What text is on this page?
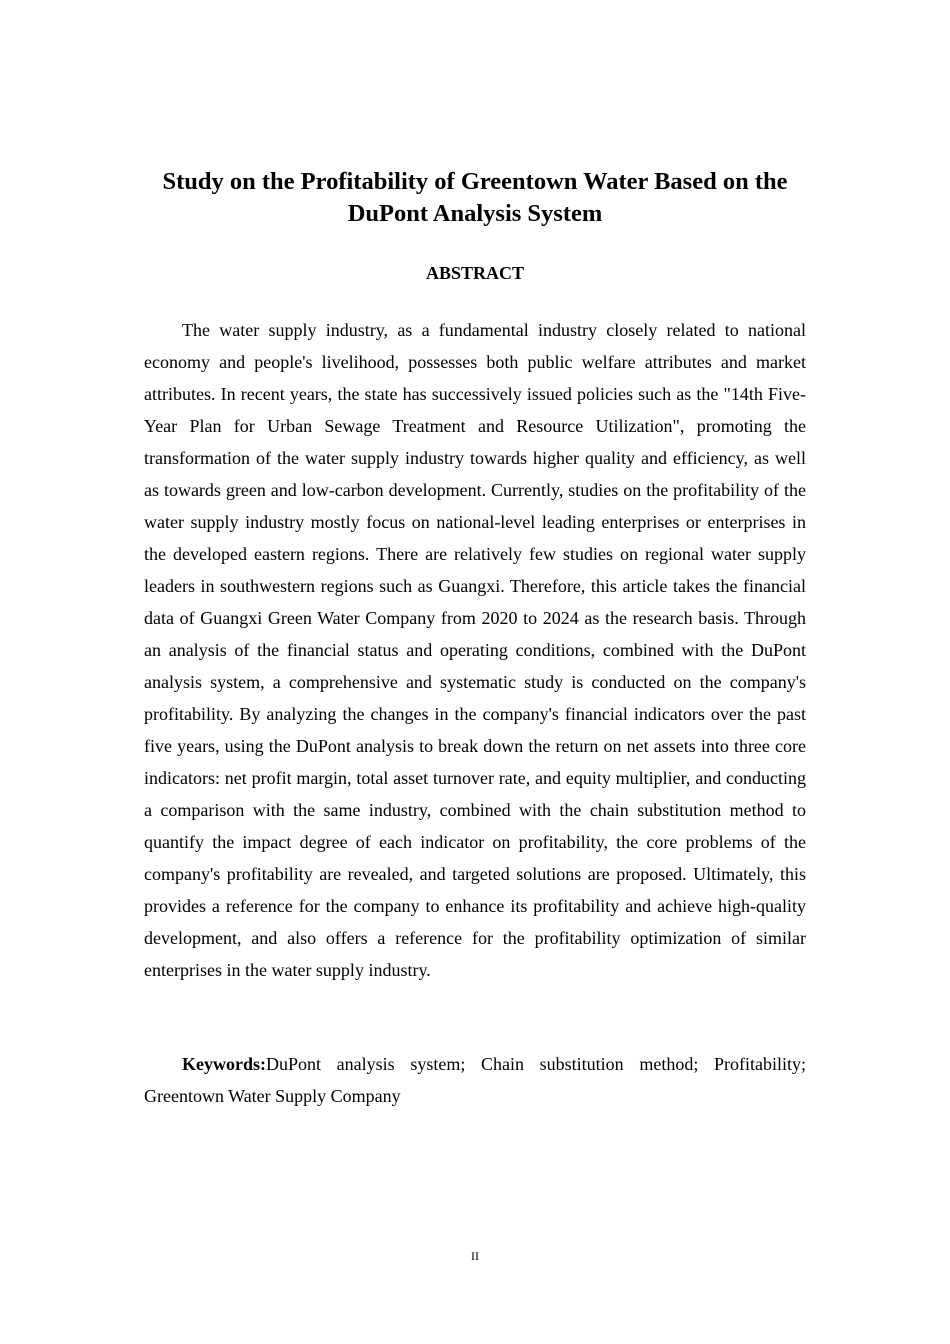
Study on the Profitability of Greentown Water Based on the DuPont Analysis System
ABSTRACT

The water supply industry, as a fundamental industry closely related to national economy and people's livelihood, possesses both public welfare attributes and market attributes. In recent years, the state has successively issued policies such as the "14th Five-Year Plan for Urban Sewage Treatment and Resource Utilization", promoting the transformation of the water supply industry towards higher quality and efficiency, as well as towards green and low-carbon development. Currently, studies on the profitability of the water supply industry mostly focus on national-level leading enterprises or enterprises in the developed eastern regions. There are relatively few studies on regional water supply leaders in southwestern regions such as Guangxi. Therefore, this article takes the financial data of Guangxi Green Water Company from 2020 to 2024 as the research basis. Through an analysis of the financial status and operating conditions, combined with the DuPont analysis system, a comprehensive and systematic study is conducted on the company's profitability. By analyzing the changes in the company's financial indicators over the past five years, using the DuPont analysis to break down the return on net assets into three core indicators: net profit margin, total asset turnover rate, and equity multiplier, and conducting a comparison with the same industry, combined with the chain substitution method to quantify the impact degree of each indicator on profitability, the core problems of the company's profitability are revealed, and targeted solutions are proposed. Ultimately, this provides a reference for the company to enhance its profitability and achieve high-quality development, and also offers a reference for the profitability optimization of similar enterprises in the water supply industry.

Keywords:DuPont analysis system; Chain substitution method; Profitability; Greentown Water Supply Company

II
